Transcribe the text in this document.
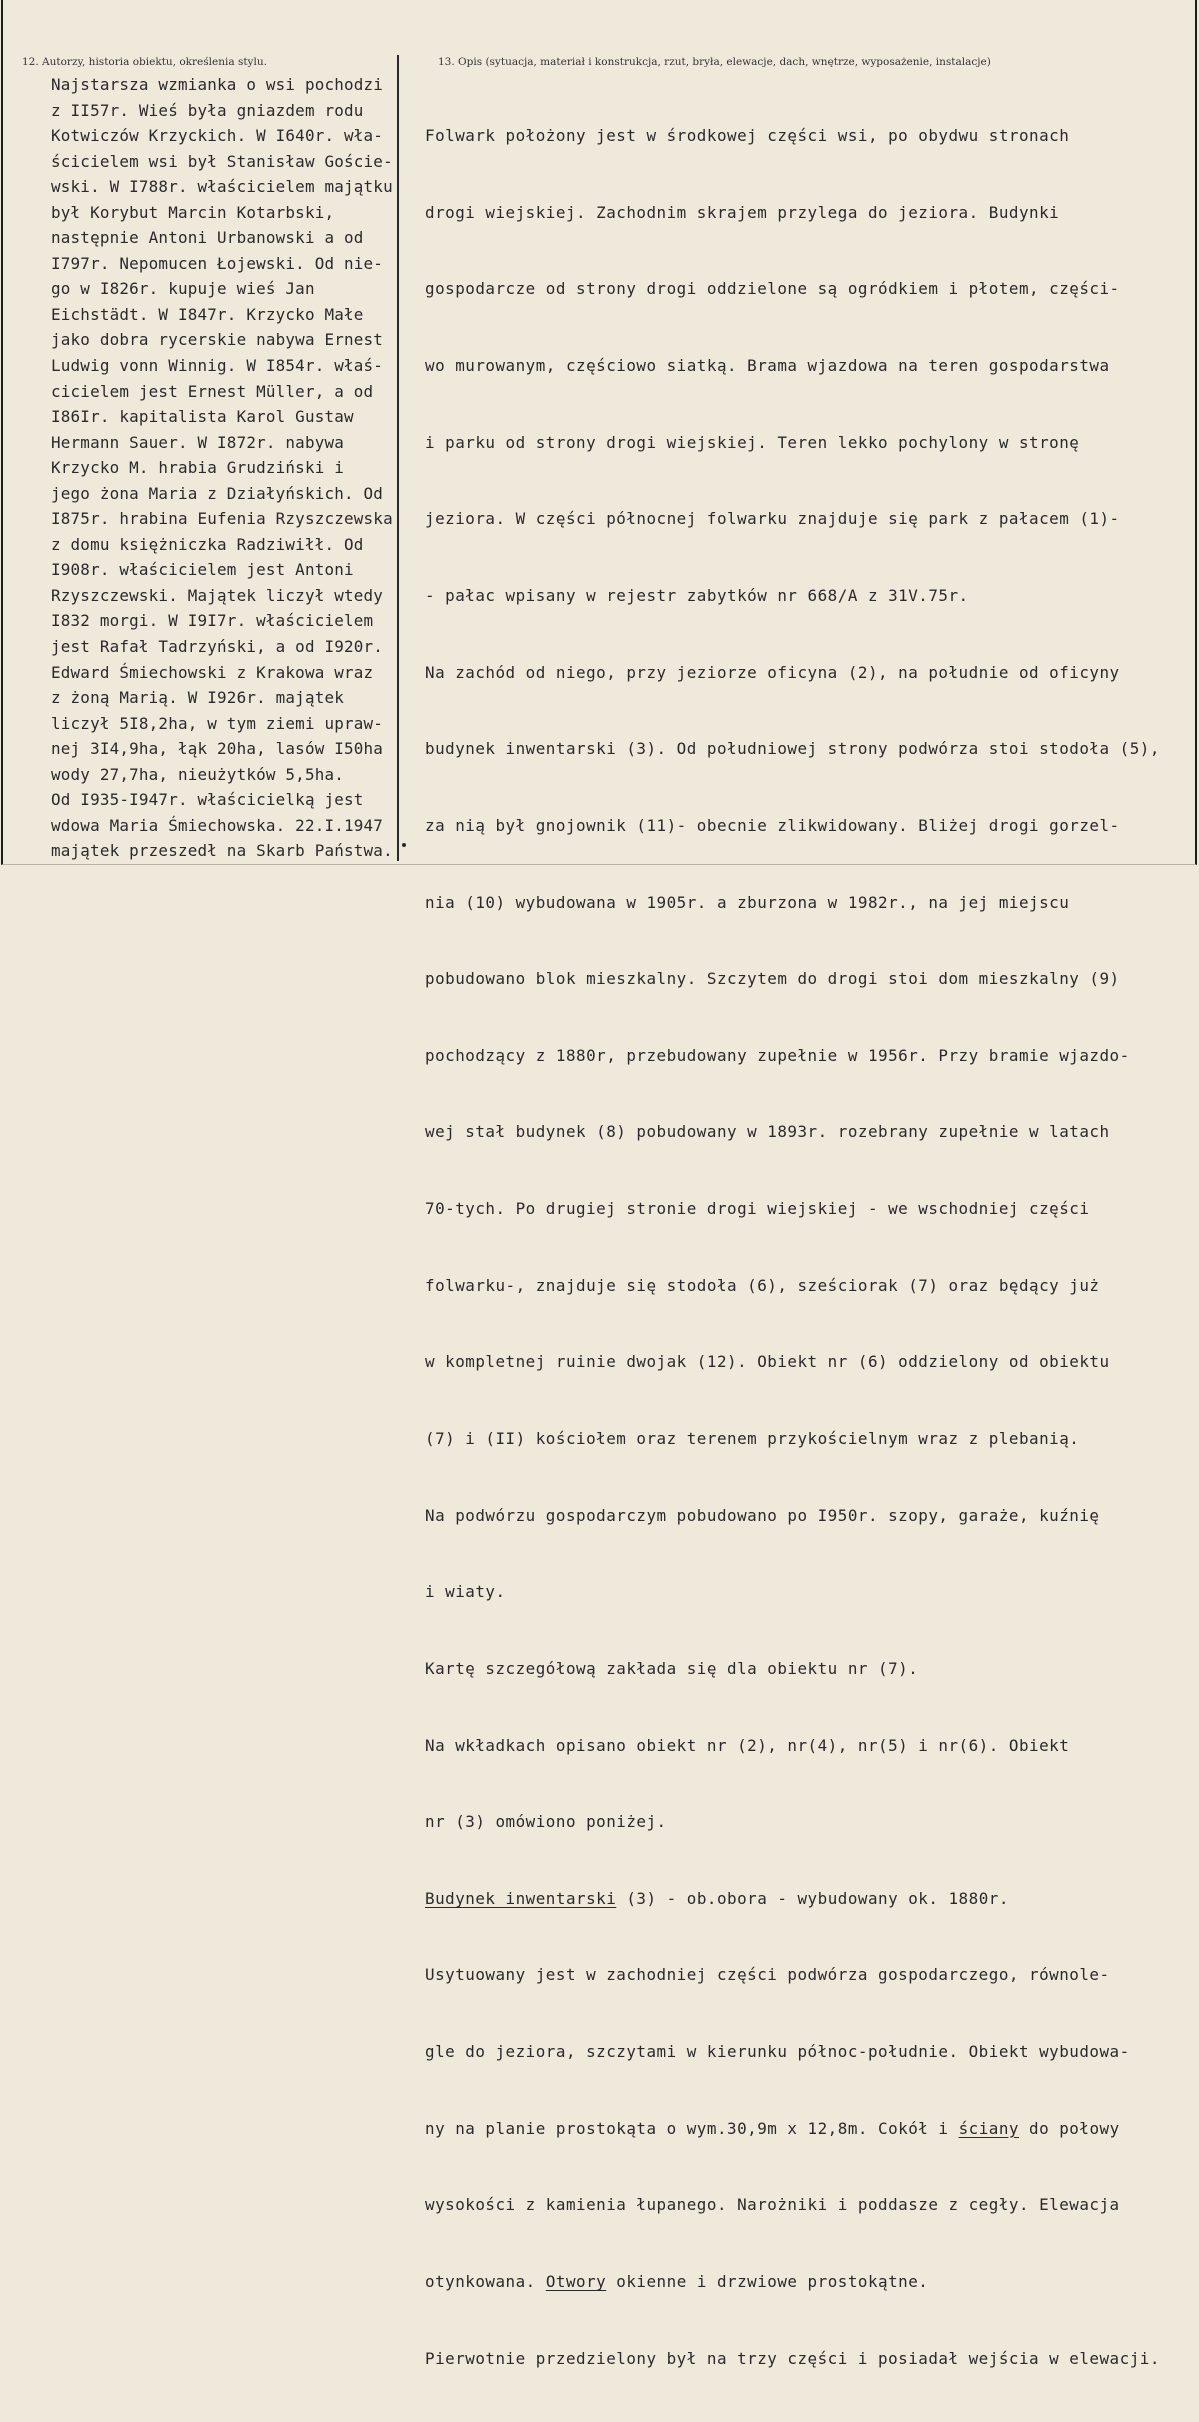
12. Autorzy, historia obiektu, określenia stylu.	13. Opis (sytuacja, materiał i konstrukcja, rzut, bryła, elewacje, dach, wnętrze, wyposażenie, instalacje)
Najstarsza wzmianka o wsi pochodzi
z II57r. Wieś była gniazdem rodu
Kotwiczów Krzyckich. W I640r. wła-
ścicielem wsi był Stanisław Goście-
wski. W I788r. właścicielem majątku
był Korybut Marcin Kotarbski,
następnie Antoni Urbanowski a od
I797r. Nepomucen Łojewski. Od nie-
go w I826r. kupuje wieś Jan
Eichstädt. W I847r. Krzycko Małe
jako dobra rycerskie nabywa Ernest
Ludwig vonn Winnig. W I854r. właś-
cicielem jest Ernest Müller, a od
I86Ir. kapitalista Karol Gustaw
Hermann Sauer. W I872r. nabywa
Krzycko M. hrabia Grudziński i
jego żona Maria z Działyńskich. Od
I875r. hrabina Eufenia Rzyszczewska
z domu księżniczka Radziwiłł. Od
I908r. właścicielem jest Antoni
Rzyszczewski. Majątek liczył wtedy
I832 morgi. W I9I7r. właścicielem
jest Rafał Tadrzyński, a od I920r.
Edward Śmiechowski z Krakowa wraz
z żoną Marią. W I926r. majątek
liczył 5I8,2ha, w tym ziemi upraw-
nej 3I4,9ha, łąk 20ha, lasów I50ha
wody 27,7ha, nieużytków 5,5ha.
Od I935-I947r. właścicielką jest
wdowa Maria Śmiechowska. 22.I.1947
majątek przeszedł na Skarb Państwa.

Folwark położony jest w środkowej części wsi, po obydwu stronach

drogi wiejskiej. Zachodnim skrajem przylega do jeziora. Budynki

gospodarcze od strony drogi oddzielone są ogródkiem i płotem, części-

wo murowanym, częściowo siatką. Brama wjazdowa na teren gospodarstwa

i parku od strony drogi wiejskiej. Teren lekko pochylony w stronę

jeziora. W części północnej folwarku znajduje się park z pałacem (1)-

- pałac wpisany w rejestr zabytków nr 668/A z 31V.75r.

Na zachód od niego, przy jeziorze oficyna (2), na południe od oficyny

budynek inwentarski (3). Od południowej strony podwórza stoi stodoła (5),

za nią był gnojownik (11)- obecnie zlikwidowany. Bliżej drogi gorzel-

nia (10) wybudowana w 1905r. a zburzona w 1982r., na jej miejscu

pobudowano blok mieszkalny. Szczytem do drogi stoi dom mieszkalny (9)

pochodzący z 1880r, przebudowany zupełnie w 1956r. Przy bramie wjazdo-

wej stał budynek (8) pobudowany w 1893r. rozebrany zupełnie w latach

70-tych. Po drugiej stronie drogi wiejskiej - we wschodniej części

folwarku-, znajduje się stodoła (6), sześciorak (7) oraz będący już

w kompletnej ruinie dwojak (12). Obiekt nr (6) oddzielony od obiektu

(7) i (II) kościołem oraz terenem przykościelnym wraz z plebanią.

Na podwórzu gospodarczym pobudowano po I950r. szopy, garaże, kuźnię

i wiaty.

Kartę szczegółową zakłada się dla obiektu nr (7).

Na wkładkach opisano obiekt nr (2), nr(4), nr(5) i nr(6). Obiekt

nr (3) omówiono poniżej.

Budynek inwentarski (3) - ob.obora - wybudowany ok. 1880r.

Usytuowany jest w zachodniej części podwórza gospodarczego, równole-

gle do jeziora, szczytami w kierunku północ-południe. Obiekt wybudowa-

ny na planie prostokąta o wym.30,9m x 12,8m. Cokół i ściany do połowy

wysokości z kamienia łupanego. Narożniki i poddasze z cegły. Elewacja

otynkowana. Otwory okienne i drzwiowe prostokątne.

Pierwotnie przedzielony był na trzy części i posiadał wejścia w elewacji.
